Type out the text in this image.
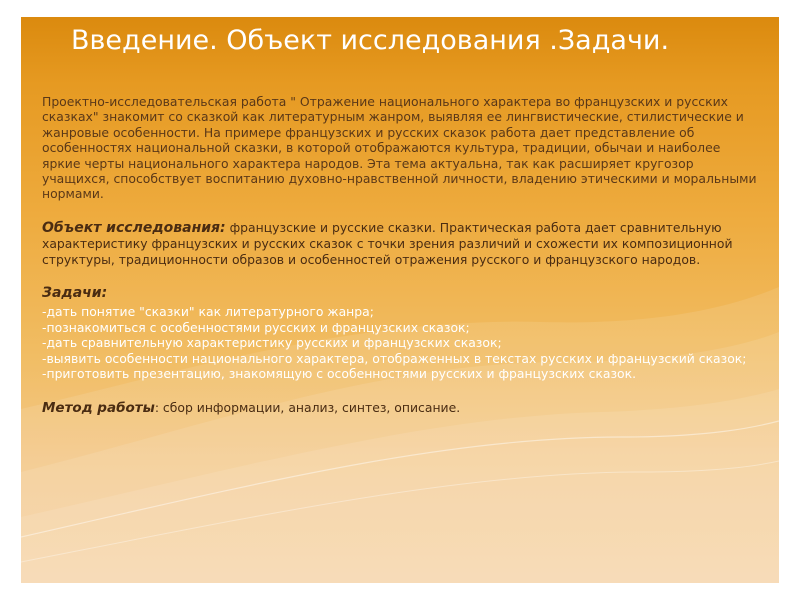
Введение. Объект исследования .Задачи.

Проектно-исследовательская работа " Отражение национального характера во французских и русских сказках" знакомит со сказкой как литературным жанром, выявляя ее лингвистические, стилистические и жанровые особенности. На примере французских и русских сказок работа дает представление об особенностях национальной сказки, в которой отображаются культура, традиции, обычаи и наиболее яркие черты национального характера народов. Эта тема актуальна, так как расширяет кругозор учащихся, способствует воспитанию духовно-нравственной личности, владению этическими и моральными нормами.

Объект исследования: французские и русские сказки. Практическая работа дает сравнительную характеристику французских и русских сказок с точки зрения различий и схожести их композиционной структуры, традиционности образов и особенностей отражения русского и французского народов.

Задачи:

-дать понятие "сказки" как литературного жанра;

-познакомиться с особенностями русских и французских сказок;

-дать сравнительную характеристику русских и французских сказок;

-выявить особенности национального характера, отображенных в текстах русских и французский сказок;

-приготовить презентацию, знакомящую с особенностями русских и французских сказок.

Метод работы: сбор информации, анализ, синтез, описание.
